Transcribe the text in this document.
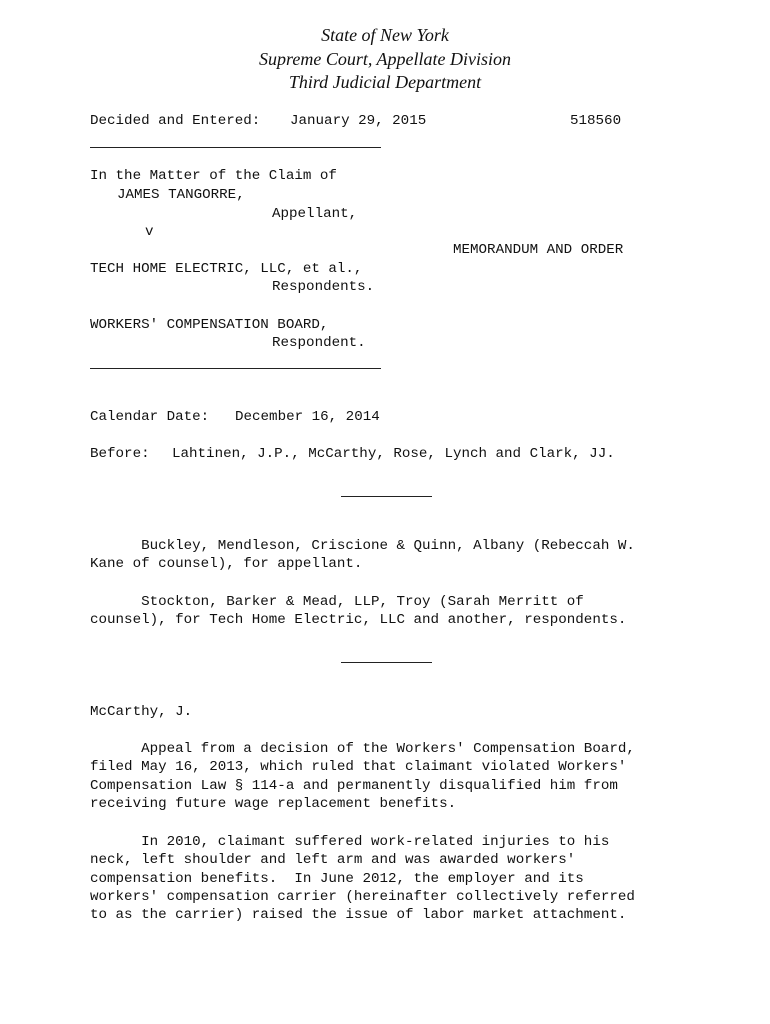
State of New York
Supreme Court, Appellate Division
Third Judicial Department
Decided and Entered: January 29, 2015	518560
In the Matter of the Claim of
JAMES TANGORRE,
Appellant,
v
MEMORANDUM AND ORDER
TECH HOME ELECTRIC, LLC, et al.,
Respondents.
WORKERS' COMPENSATION BOARD,
Respondent.
Calendar Date: December 16, 2014
Before: Lahtinen, J.P., McCarthy, Rose, Lynch and Clark, JJ.
Buckley, Mendleson, Criscione & Quinn, Albany (Rebeccah W.
Kane of counsel), for appellant.
Stockton, Barker & Mead, LLP, Troy (Sarah Merritt of
counsel), for Tech Home Electric, LLC and another, respondents.
McCarthy, J.
Appeal from a decision of the Workers' Compensation Board,
filed May 16, 2013, which ruled that claimant violated Workers'
Compensation Law § 114-a and permanently disqualified him from
receiving future wage replacement benefits.
In 2010, claimant suffered work-related injuries to his
neck, left shoulder and left arm and was awarded workers'
compensation benefits.  In June 2012, the employer and its
workers' compensation carrier (hereinafter collectively referred
to as the carrier) raised the issue of labor market attachment.
